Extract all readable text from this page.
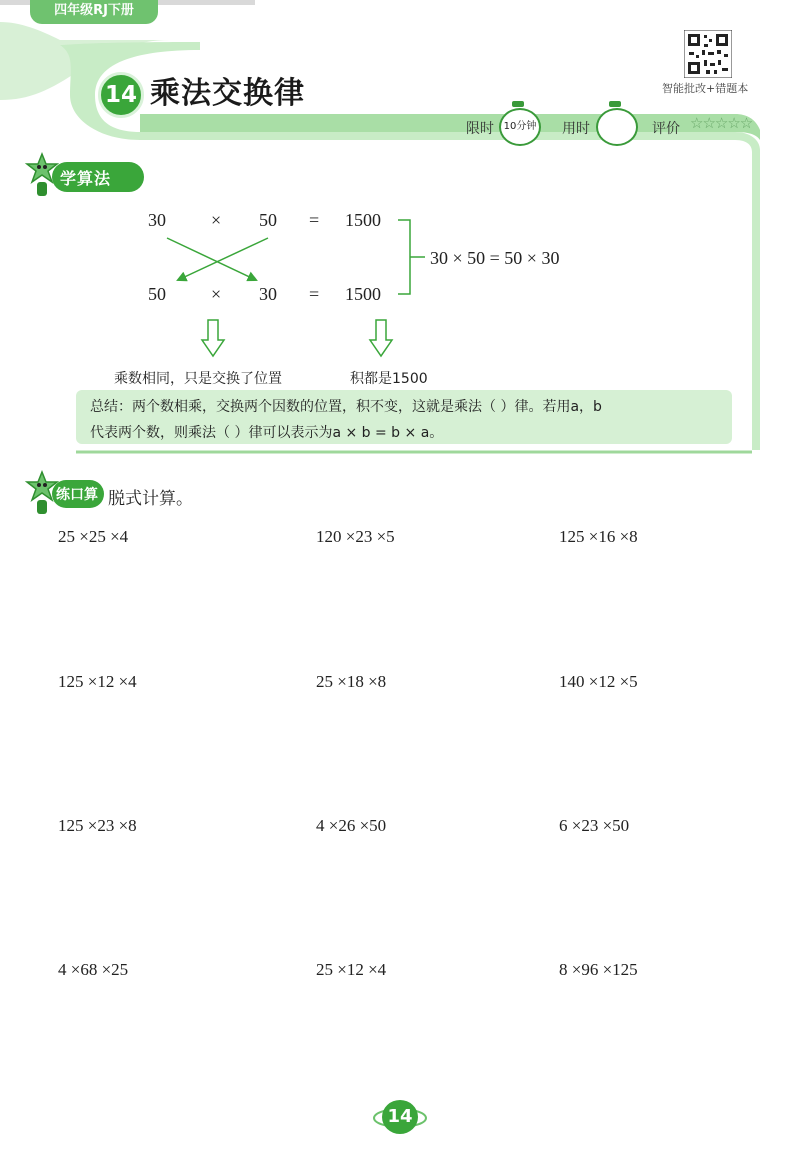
四年级RJ下册
14 乘法交换律	智能批改+错题本
限时 10分钟 用时	评价 ☆☆☆☆☆
学算法
30	× 50 = 1500
50	× 30 = 1500
30 × 50 = 50 × 30
乘数相同，只是交换了位置	积都是1500
总结：两个数相乘，交换两个因数的位置，积不变，这就是乘法（ ）律。若用a，b
代表两个数，则乘法（ ）律可以表示为a × b = b × a。
练口算 脱式计算。
25 ×25 ×4	120 ×23 ×5	125 ×16 ×8
125 ×12 ×4	25 ×18 ×8	140 ×12 ×5
125 ×23 ×8	4 ×26 ×50	6 ×23 ×50
4 ×68 ×25	25 ×12 ×4	8 ×96 ×125
14
